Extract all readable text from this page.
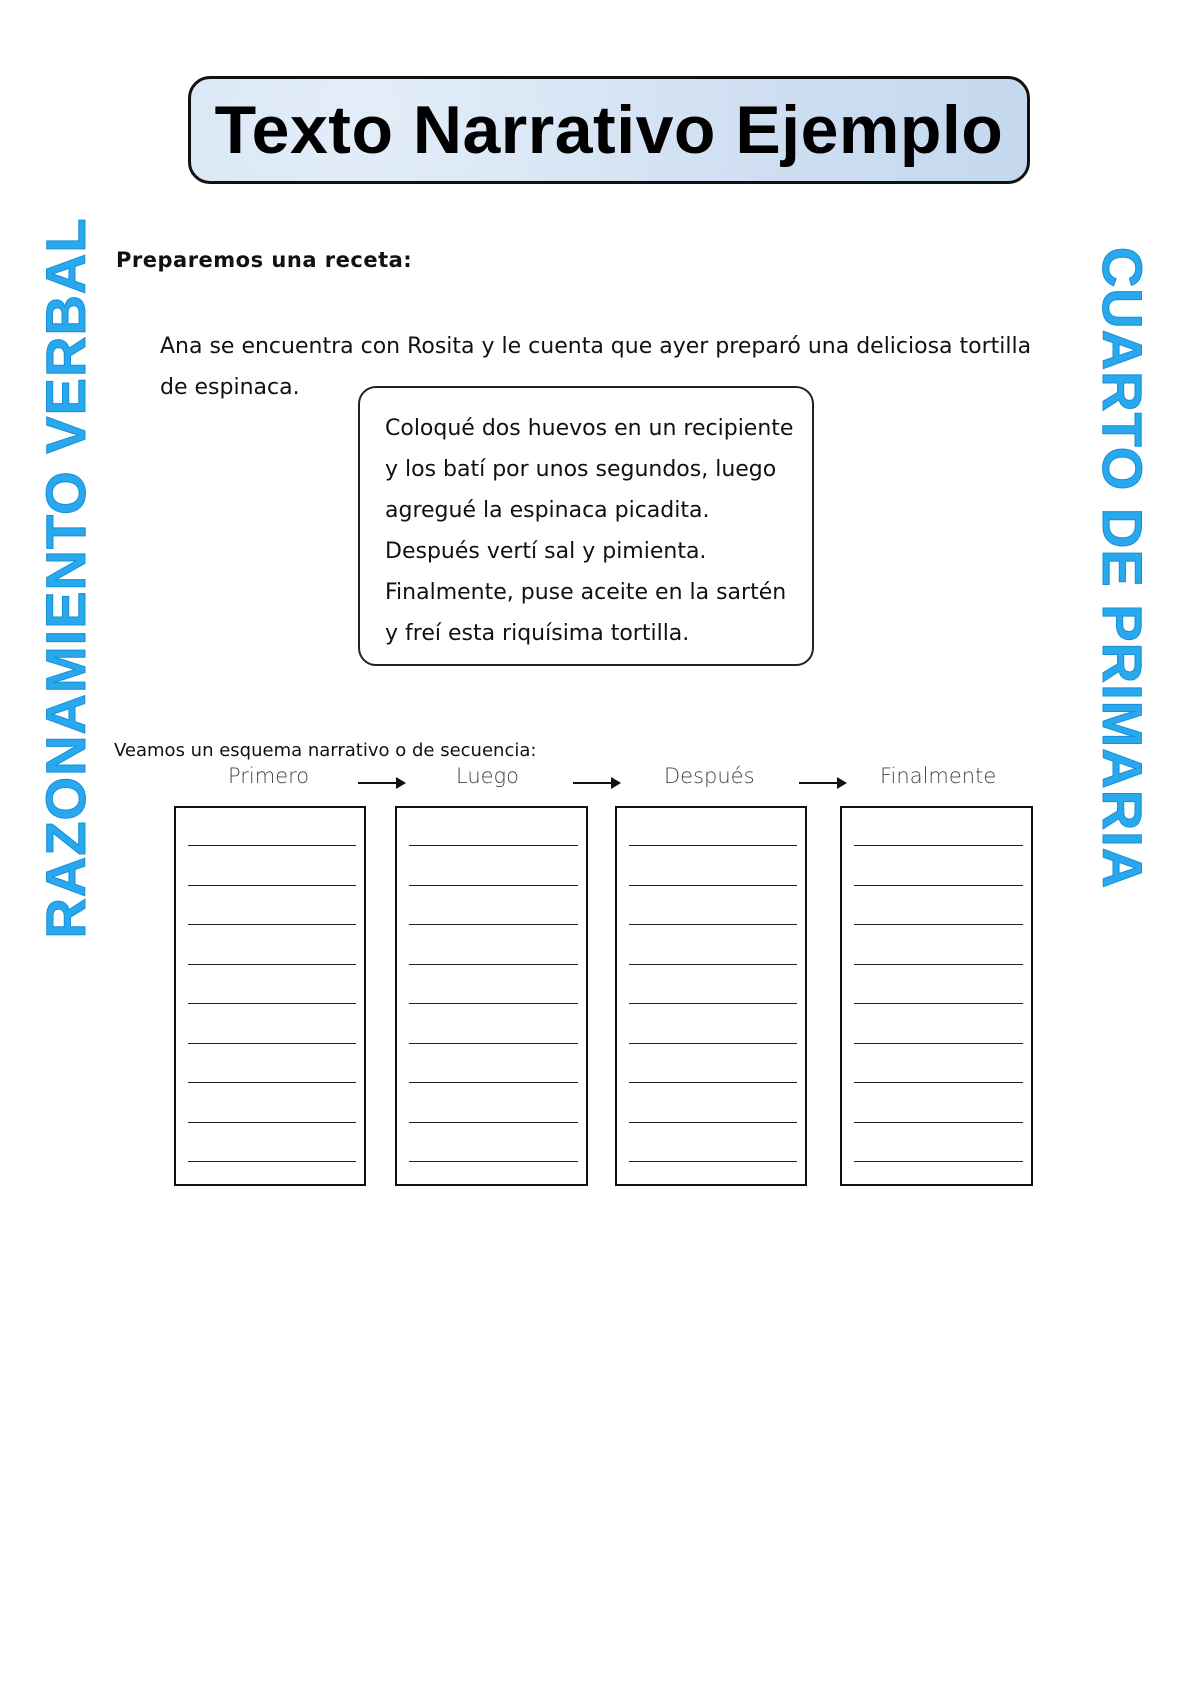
Texto Narrativo Ejemplo
RAZONAMIENTO VERBAL	CUARTO DE PRIMARIA
Preparemos una receta:
Ana se encuentra con Rosita y le cuenta que ayer preparó una deliciosa tortilla de espinaca.
Coloqué dos huevos en un recipiente
y los batí por unos segundos, luego
agregué la espinaca picadita.
Después vertí sal y pimienta.
Finalmente, puse aceite en la sartén
y freí esta riquísima tortilla.
Veamos un esquema narrativo o de secuencia:
Primero	Luego	Después	Finalmente
